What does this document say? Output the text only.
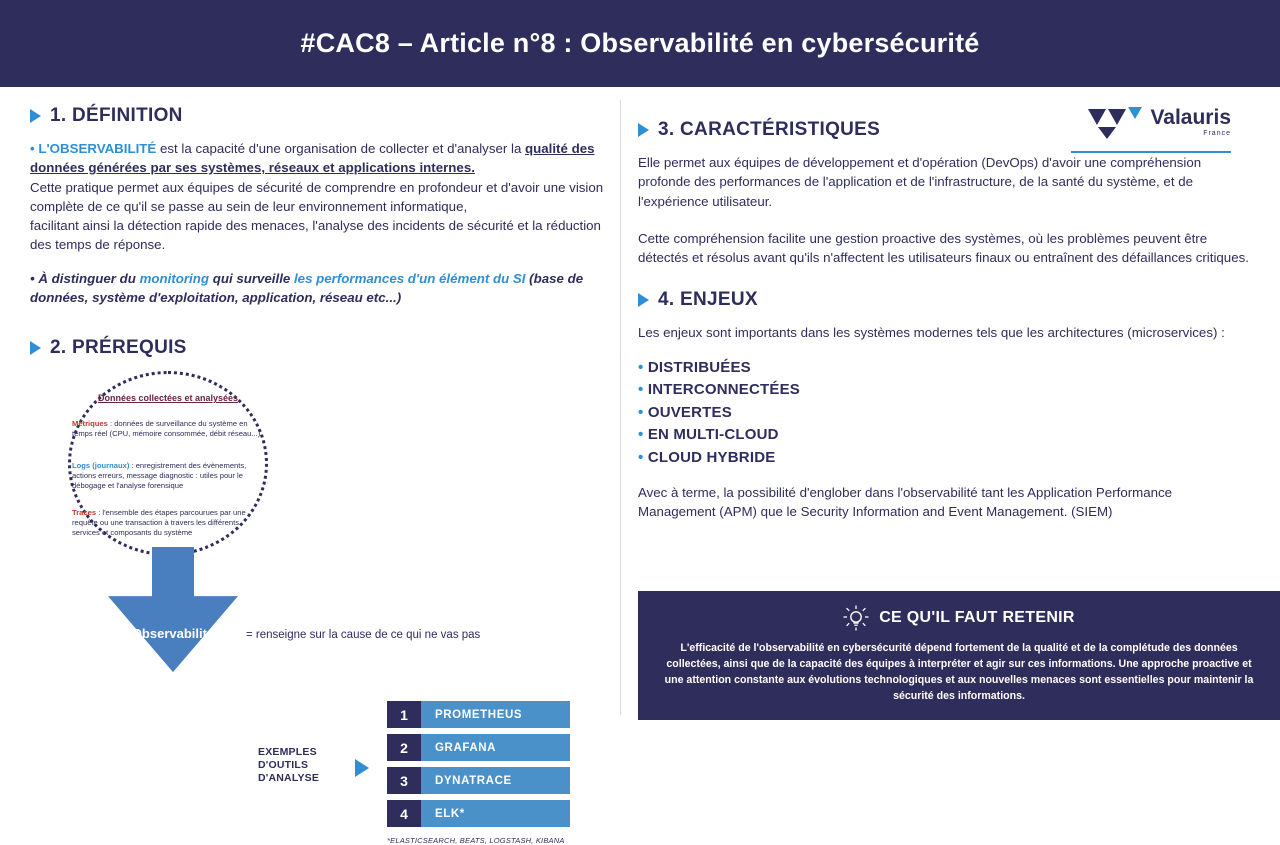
#CAC8 – Article n°8 : Observabilité en cybersécurité
1. DÉFINITION
• L'OBSERVABILITÉ est la capacité d'une organisation de collecter et d'analyser la qualité des données générées par ses systèmes, réseaux et applications internes.
Cette pratique permet aux équipes de sécurité de comprendre en profondeur et d'avoir une vision complète de ce qu'il se passe au sein de leur environnement informatique,
facilitant ainsi la détection rapide des menaces, l'analyse des incidents de sécurité et la réduction des temps de réponse.
• À distinguer du monitoring qui surveille les performances d'un élément du SI (base de données, système d'exploitation, application, réseau etc...)
2. PRÉREQUIS
Données collectées et analysées
Métriques : données de surveillance du système en temps réel (CPU, mémoire consommée, débit réseau...)
Logs (journaux) : enregistrement des évènements, actions erreurs, message diagnostic : utiles pour le débogage et l'analyse forensique
Traces : l'ensemble des étapes parcourues par une requête ou une transaction à travers les différents services et composants du système
Observabilité	= renseigne sur la cause de ce qui ne vas pas
EXEMPLES D'OUTILS D'ANALYSE
1	PROMETHEUS
2	GRAFANA
3	DYNATRACE
4	ELK*
*ELASTICSEARCH, BEATS, LOGSTASH, KIBANA
Valauris
France
3. CARACTÉRISTIQUES
Elle permet aux équipes de développement et d'opération (DevOps) d'avoir une compréhension profonde des performances de l'application et de l'infrastructure, de la santé du système, et de l'expérience utilisateur.
Cette compréhension facilite une gestion proactive des systèmes, où les problèmes peuvent être détectés et résolus avant qu'ils n'affectent les utilisateurs finaux ou entraînent des défaillances critiques.
4. ENJEUX
Les enjeux sont importants dans les systèmes modernes tels que les architectures (microservices) :
• DISTRIBUÉES
• INTERCONNECTÉES
• OUVERTES
• EN MULTI-CLOUD
• CLOUD HYBRIDE
Avec à terme, la possibilité d'englober dans l'observabilité tant les Application Performance Management (APM) que le Security Information and Event Management. (SIEM)
CE QU'IL FAUT RETENIR
L'efficacité de l'observabilité en cybersécurité dépend fortement de la qualité et de la complétude des données collectées, ainsi que de la capacité des équipes à interpréter et agir sur ces informations. Une approche proactive et une attention constante aux évolutions technologiques et aux nouvelles menaces sont essentielles pour maintenir la sécurité des informations.
